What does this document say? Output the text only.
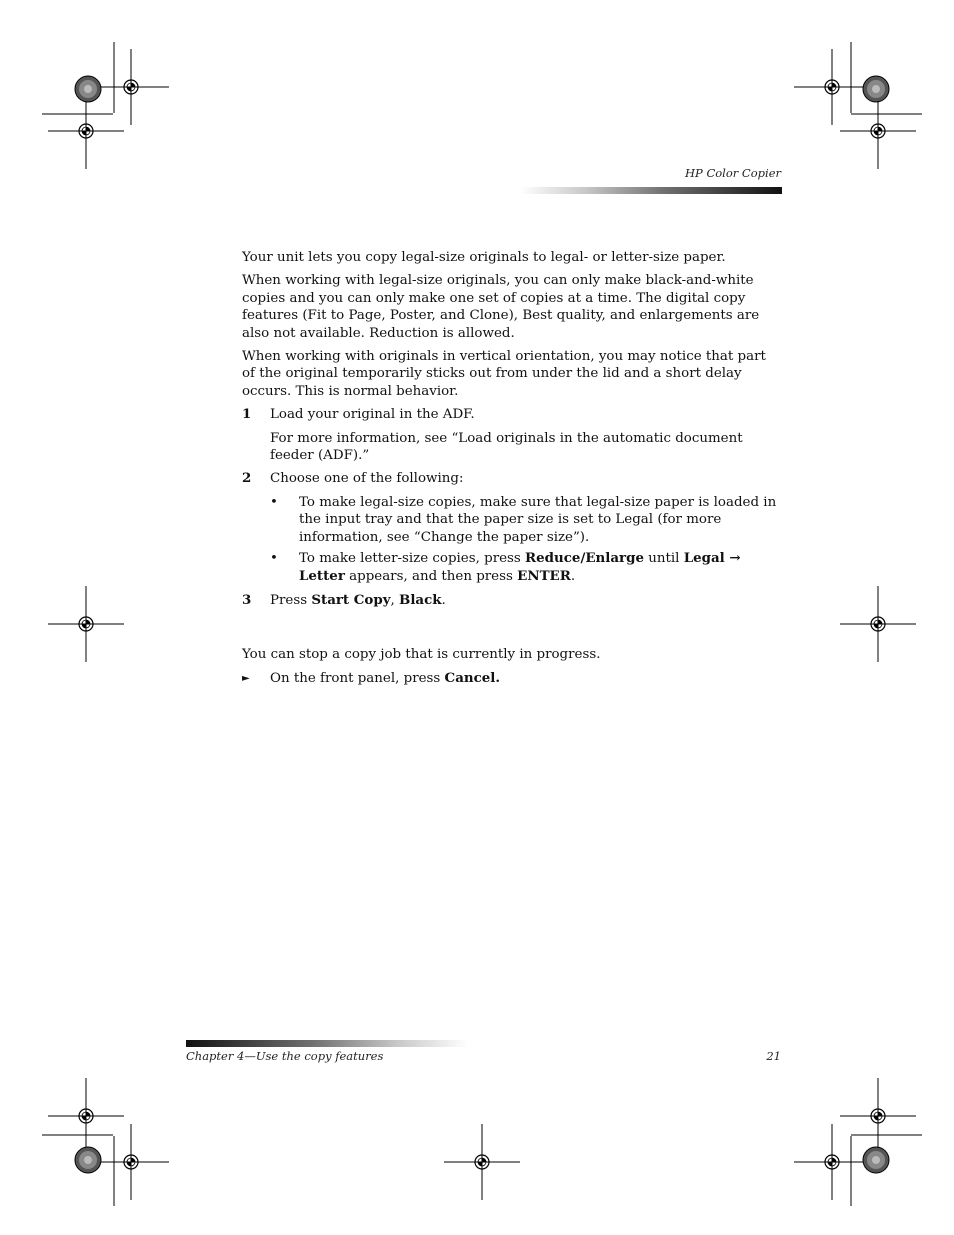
HP Color Copier

Your unit lets you copy legal-size originals to legal- or letter-size paper.

When working with legal-size originals, you can only make black-and-white copies and you can only make one set of copies at a time. The digital copy features (Fit to Page, Poster, and Clone), Best quality, and enlargements are also not available. Reduction is allowed.

When working with originals in vertical orientation, you may notice that part of the original temporarily sticks out from under the lid and a short delay occurs. This is normal behavior.

1 Load your original in the ADF.

For more information, see “Load originals in the automatic document feeder (ADF).”

2 Choose one of the following:
• To make legal-size copies, make sure that legal-size paper is loaded in the input tray and that the paper size is set to Legal (for more information, see “Change the paper size”).
• To make letter-size copies, press Reduce/Enlarge until Legal → Letter appears, and then press ENTER.
3 Press Start Copy, Black.

You can stop a copy job that is currently in progress.

► On the front panel, press Cancel.
Chapter 4—Use the copy features	21
